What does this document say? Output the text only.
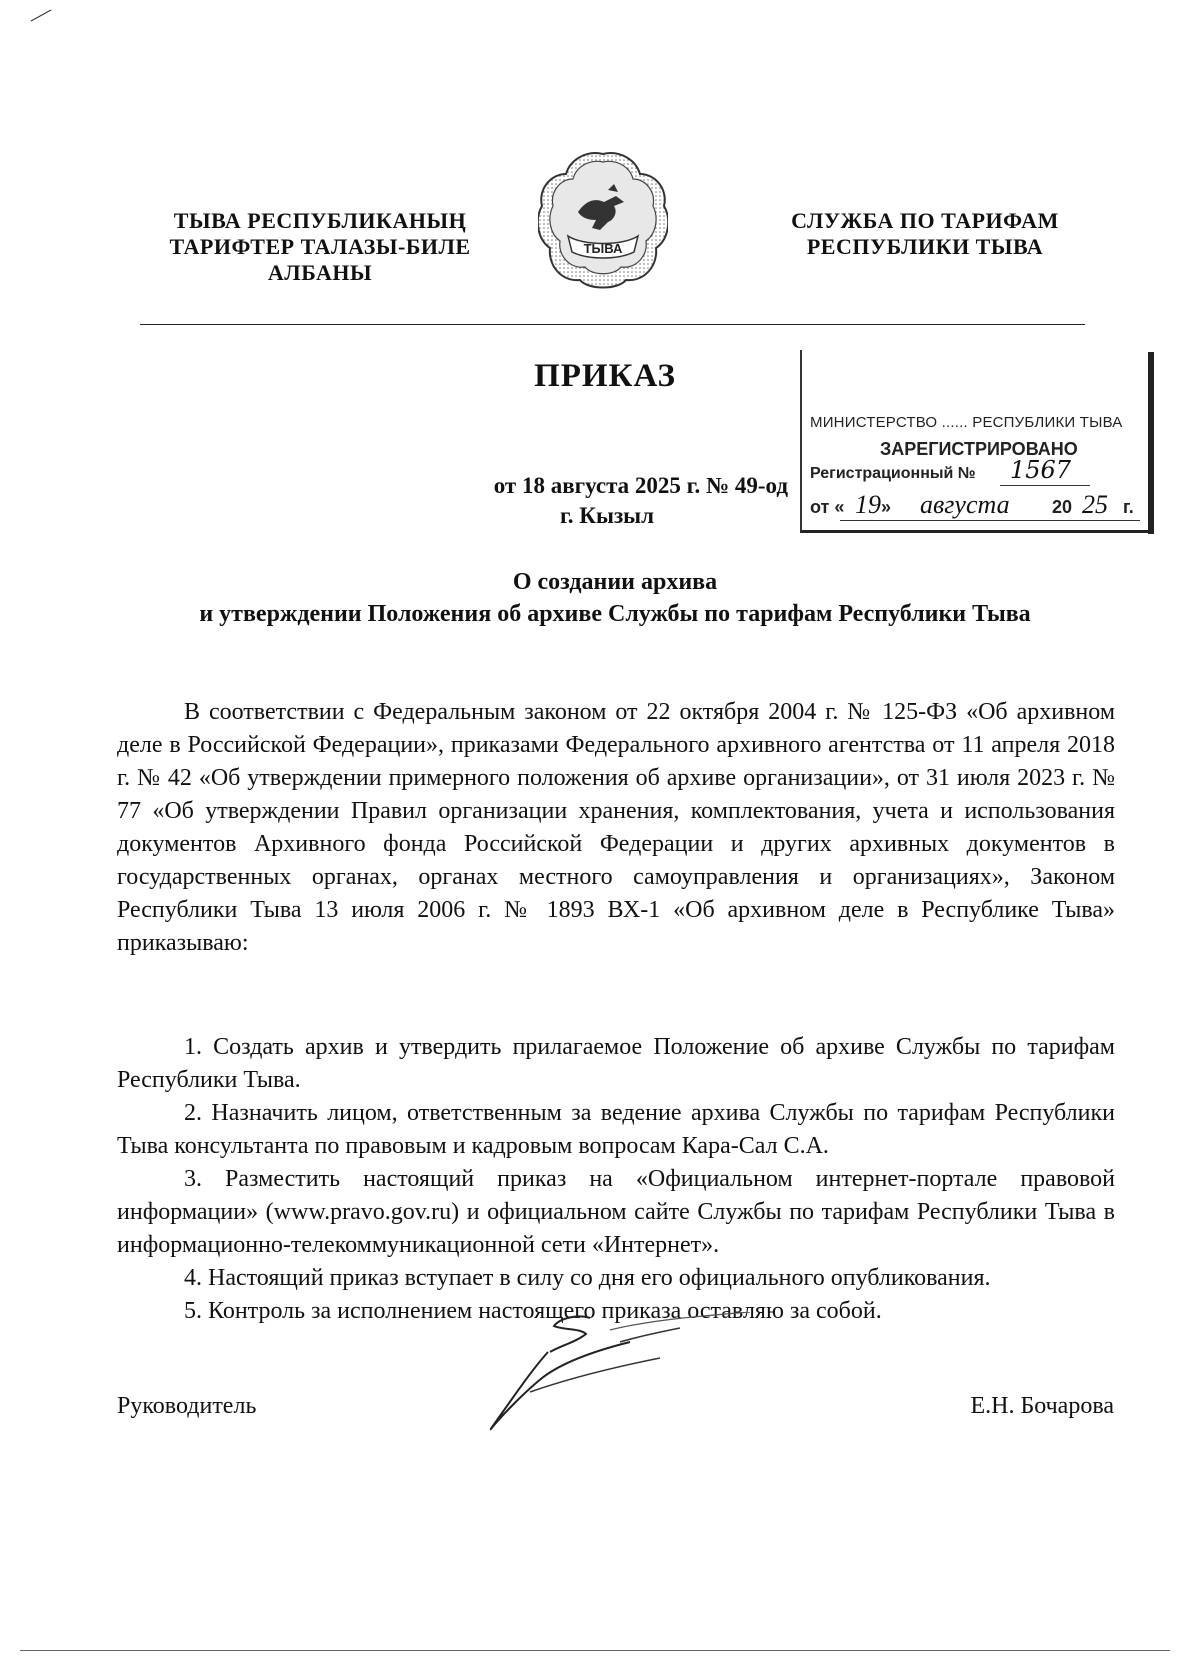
ТЫВА РЕСПУБЛИКАНЫҢ
ТАРИФТЕР ТАЛАЗЫ-БИЛЕ
АЛБАНЫ
ТЫВА
СЛУЖБА ПО ТАРИФАМ
РЕСПУБЛИКИ ТЫВА
ПРИКАЗ
от 18 августа 2025 г. № 49-од
г. Кызыл
МИНИСТЕРСТВО ...... РЕСПУБЛИКИ ТЫВА
ЗАРЕГИСТРИРОВАНО
Регистрационный № 1567
от « 19» августа 20 25 г.
О создании архива
и утверждении Положения об архиве Службы по тарифам Республики Тыва
В соответствии с Федеральным законом от 22 октября 2004 г. № 125-ФЗ «Об архивном деле в Российской Федерации», приказами Федерального архивного агентства от 11 апреля 2018 г. № 42 «Об утверждении примерного положения об архиве организации», от 31 июля 2023 г. № 77 «Об утверждении Правил организации хранения, комплектования, учета и использования документов Архивного фонда Российской Федерации и других архивных документов в государственных органах, органах местного самоуправления и организациях», Законом Республики Тыва 13 июля 2006 г. № 1893 ВХ-1 «Об архивном деле в Республике Тыва» приказываю:
1. Создать архив и утвердить прилагаемое Положение об архиве Службы по тарифам Республики Тыва.
2. Назначить лицом, ответственным за ведение архива Службы по тарифам Республики Тыва консультанта по правовым и кадровым вопросам Кара-Сал С.А.
3. Разместить настоящий приказ на «Официальном интернет-портале правовой информации» (www.pravo.gov.ru) и официальном сайте Службы по тарифам Республики Тыва в информационно-телекоммуникационной сети «Интернет».
4. Настоящий приказ вступает в силу со дня его официального опубликования.
5. Контроль за исполнением настоящего приказа оставляю за собой.
Руководитель	Е.Н. Бочарова
